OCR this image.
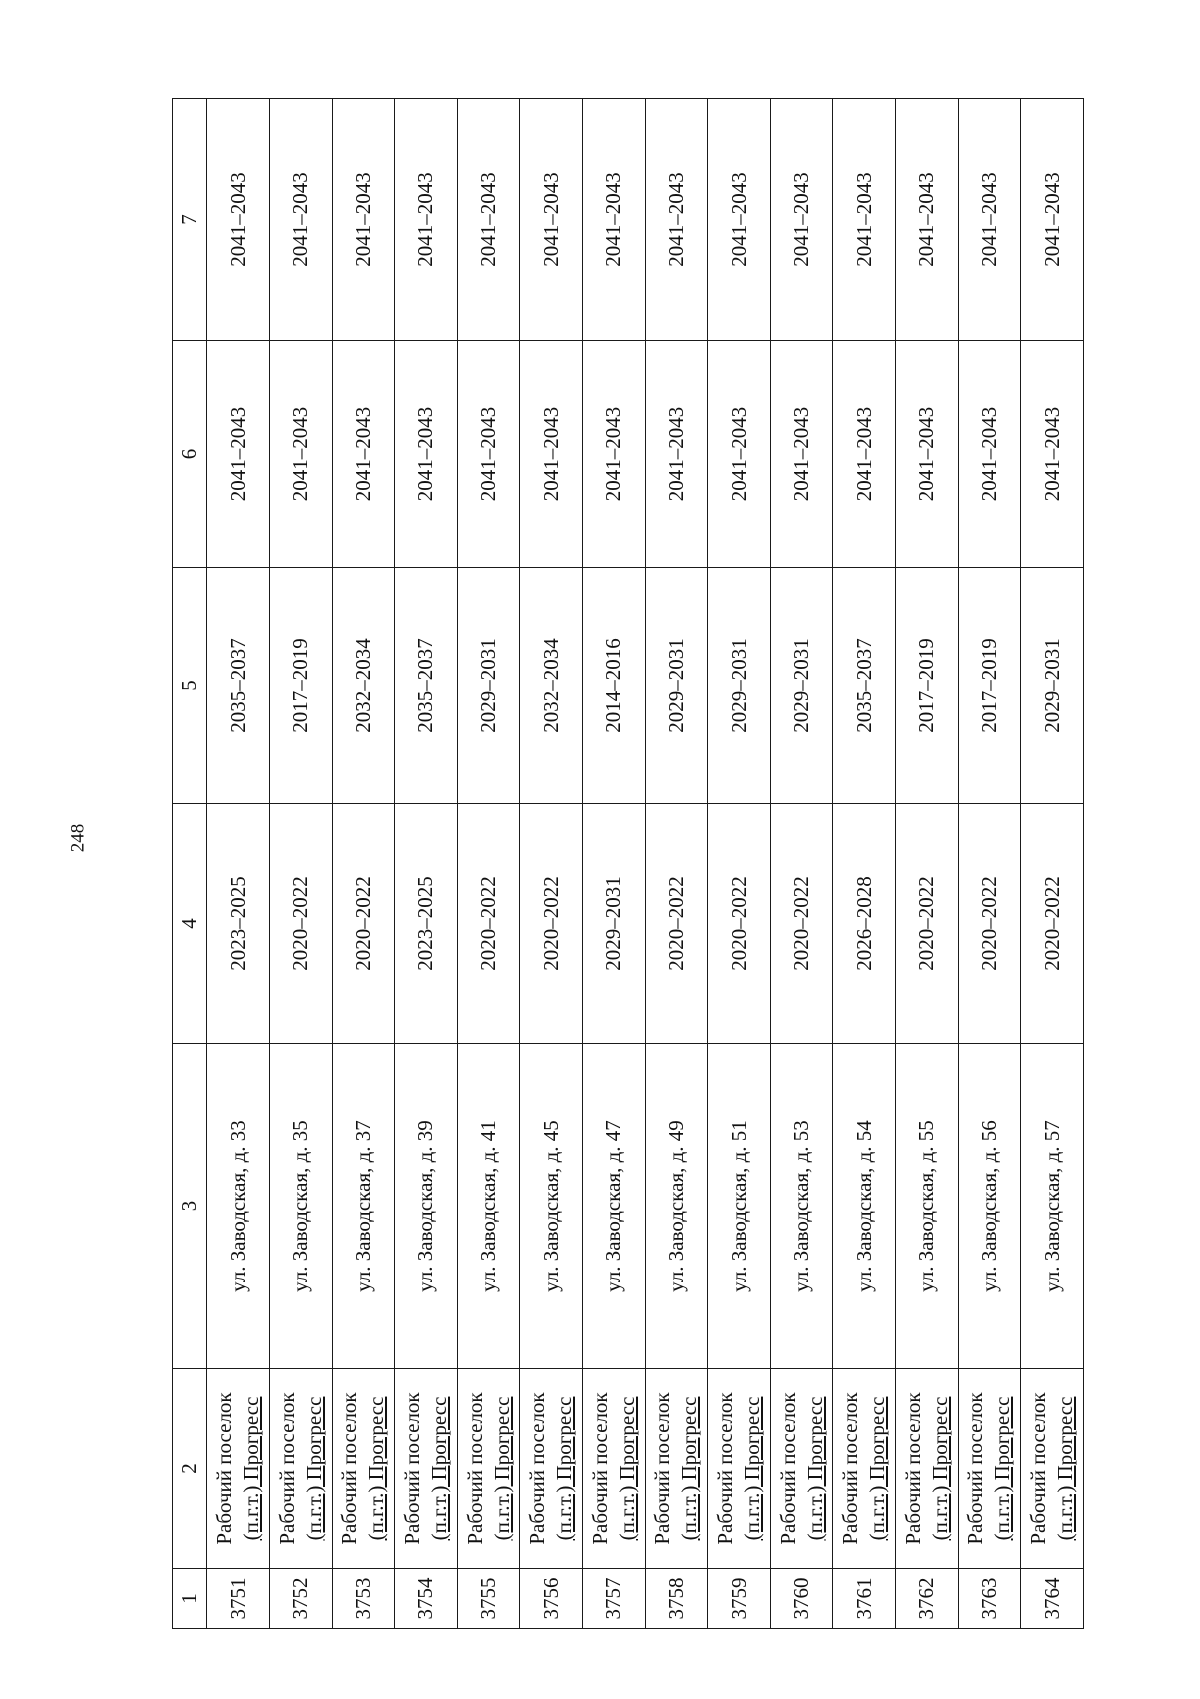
248
1	2	3	4	5	6	7
3751	Рабочий поселок (п.г.т.) Прогресс	ул. Заводская, д. 33	2023–2025	2035–2037	2041–2043	2041–2043
3752	Рабочий поселок (п.г.т.) Прогресс	ул. Заводская, д. 35	2020–2022	2017–2019	2041–2043	2041–2043
3753	Рабочий поселок (п.г.т.) Прогресс	ул. Заводская, д. 37	2020–2022	2032–2034	2041–2043	2041–2043
3754	Рабочий поселок (п.г.т.) Прогресс	ул. Заводская, д. 39	2023–2025	2035–2037	2041–2043	2041–2043
3755	Рабочий поселок (п.г.т.) Прогресс	ул. Заводская, д. 41	2020–2022	2029–2031	2041–2043	2041–2043
3756	Рабочий поселок (п.г.т.) Прогресс	ул. Заводская, д. 45	2020–2022	2032–2034	2041–2043	2041–2043
3757	Рабочий поселок (п.г.т.) Прогресс	ул. Заводская, д. 47	2029–2031	2014–2016	2041–2043	2041–2043
3758	Рабочий поселок (п.г.т.) Прогресс	ул. Заводская, д. 49	2020–2022	2029–2031	2041–2043	2041–2043
3759	Рабочий поселок (п.г.т.) Прогресс	ул. Заводская, д. 51	2020–2022	2029–2031	2041–2043	2041–2043
3760	Рабочий поселок (п.г.т.) Прогресс	ул. Заводская, д. 53	2020–2022	2029–2031	2041–2043	2041–2043
3761	Рабочий поселок (п.г.т.) Прогресс	ул. Заводская, д. 54	2026–2028	2035–2037	2041–2043	2041–2043
3762	Рабочий поселок (п.г.т.) Прогресс	ул. Заводская, д. 55	2020–2022	2017–2019	2041–2043	2041–2043
3763	Рабочий поселок (п.г.т.) Прогресс	ул. Заводская, д. 56	2020–2022	2017–2019	2041–2043	2041–2043
3764	Рабочий поселок (п.г.т.) Прогресс	ул. Заводская, д. 57	2020–2022	2029–2031	2041–2043	2041–2043
